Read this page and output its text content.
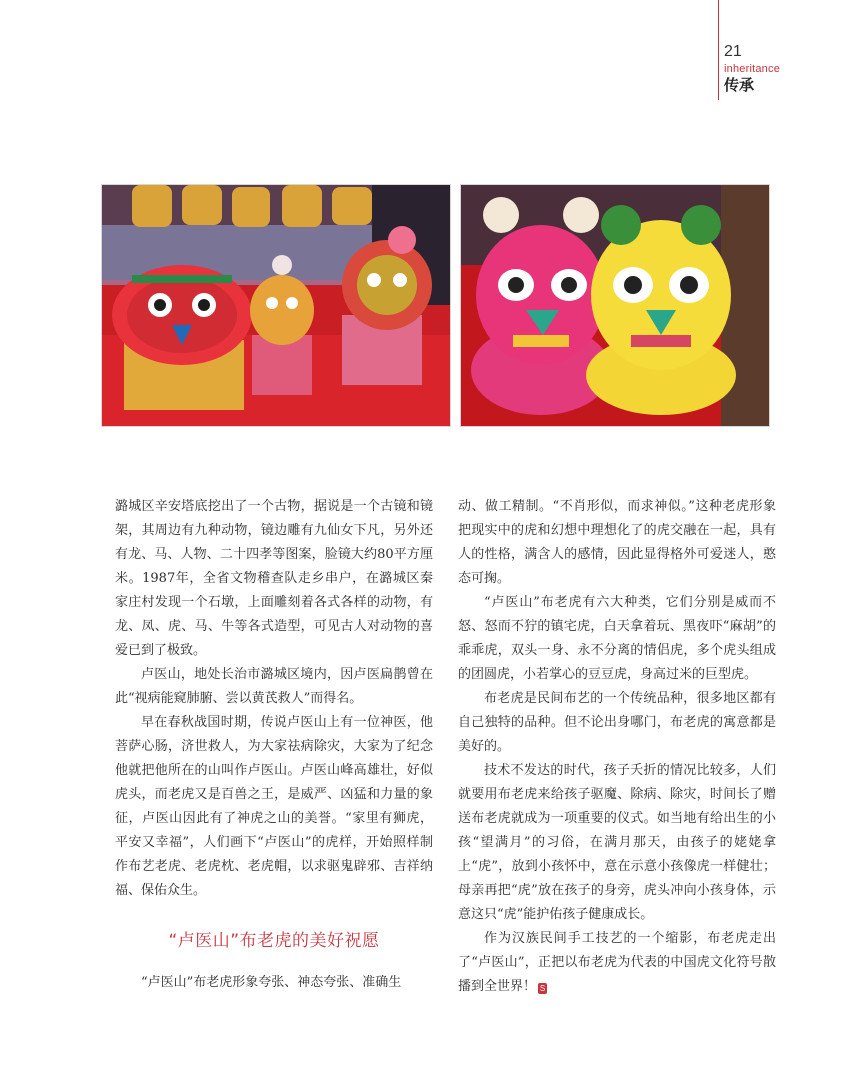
21
inheritance
传承

潞城区辛安塔底挖出了一个古物，据说是一个古镜和镜架，其周边有九种动物，镜边雕有九仙女下凡，另外还有龙、马、人物、二十四孝等图案，脸镜大约80平方厘米。1987年，全省文物稽查队走乡串户，在潞城区秦家庄村发现一个石墩，上面雕刻着各式各样的动物，有龙、凤、虎、马、牛等各式造型，可见古人对动物的喜爱已到了极致。

卢医山，地处长治市潞城区境内，因卢医扁鹊曾在此“视病能窥肺腑、尝以黄芪救人”而得名。

早在春秋战国时期，传说卢医山上有一位神医，他菩萨心肠，济世救人，为大家祛病除灾，大家为了纪念他就把他所在的山叫作卢医山。卢医山峰高雄壮，好似虎头，而老虎又是百兽之王，是威严、凶猛和力量的象征，卢医山因此有了神虎之山的美誉。“家里有狮虎，平安又幸福”，人们画下“卢医山”的虎样，开始照样制作布艺老虎、老虎枕、老虎帽，以求驱鬼辟邪、吉祥纳福、保佑众生。

“卢医山”布老虎的美好祝愿

“卢医山”布老虎形象夸张、神态夸张、准确生

动、做工精制。“不肖形似，而求神似。”这种老虎形象把现实中的虎和幻想中理想化了的虎交融在一起，具有人的性格，满含人的感情，因此显得格外可爱迷人，憨态可掬。

“卢医山”布老虎有六大种类，它们分别是威而不怒、怒而不狞的镇宅虎，白天拿着玩、黑夜吓“麻胡”的乖乖虎，双头一身、永不分离的情侣虎，多个虎头组成的团圆虎，小若掌心的豆豆虎，身高过米的巨型虎。

布老虎是民间布艺的一个传统品种，很多地区都有自己独特的品种。但不论出身哪门，布老虎的寓意都是美好的。

技术不发达的时代，孩子夭折的情况比较多，人们就要用布老虎来给孩子驱魔、除病、除灾，时间长了赠送布老虎就成为一项重要的仪式。如当地有给出生的小孩“望满月”的习俗，在满月那天，由孩子的姥姥拿上“虎”，放到小孩怀中，意在示意小孩像虎一样健壮；母亲再把“虎”放在孩子的身旁，虎头冲向小孩身体，示意这只“虎”能护佑孩子健康成长。

作为汉族民间手工技艺的一个缩影，布老虎走出了“卢医山”，正把以布老虎为代表的中国虎文化符号散播到全世界！ S
